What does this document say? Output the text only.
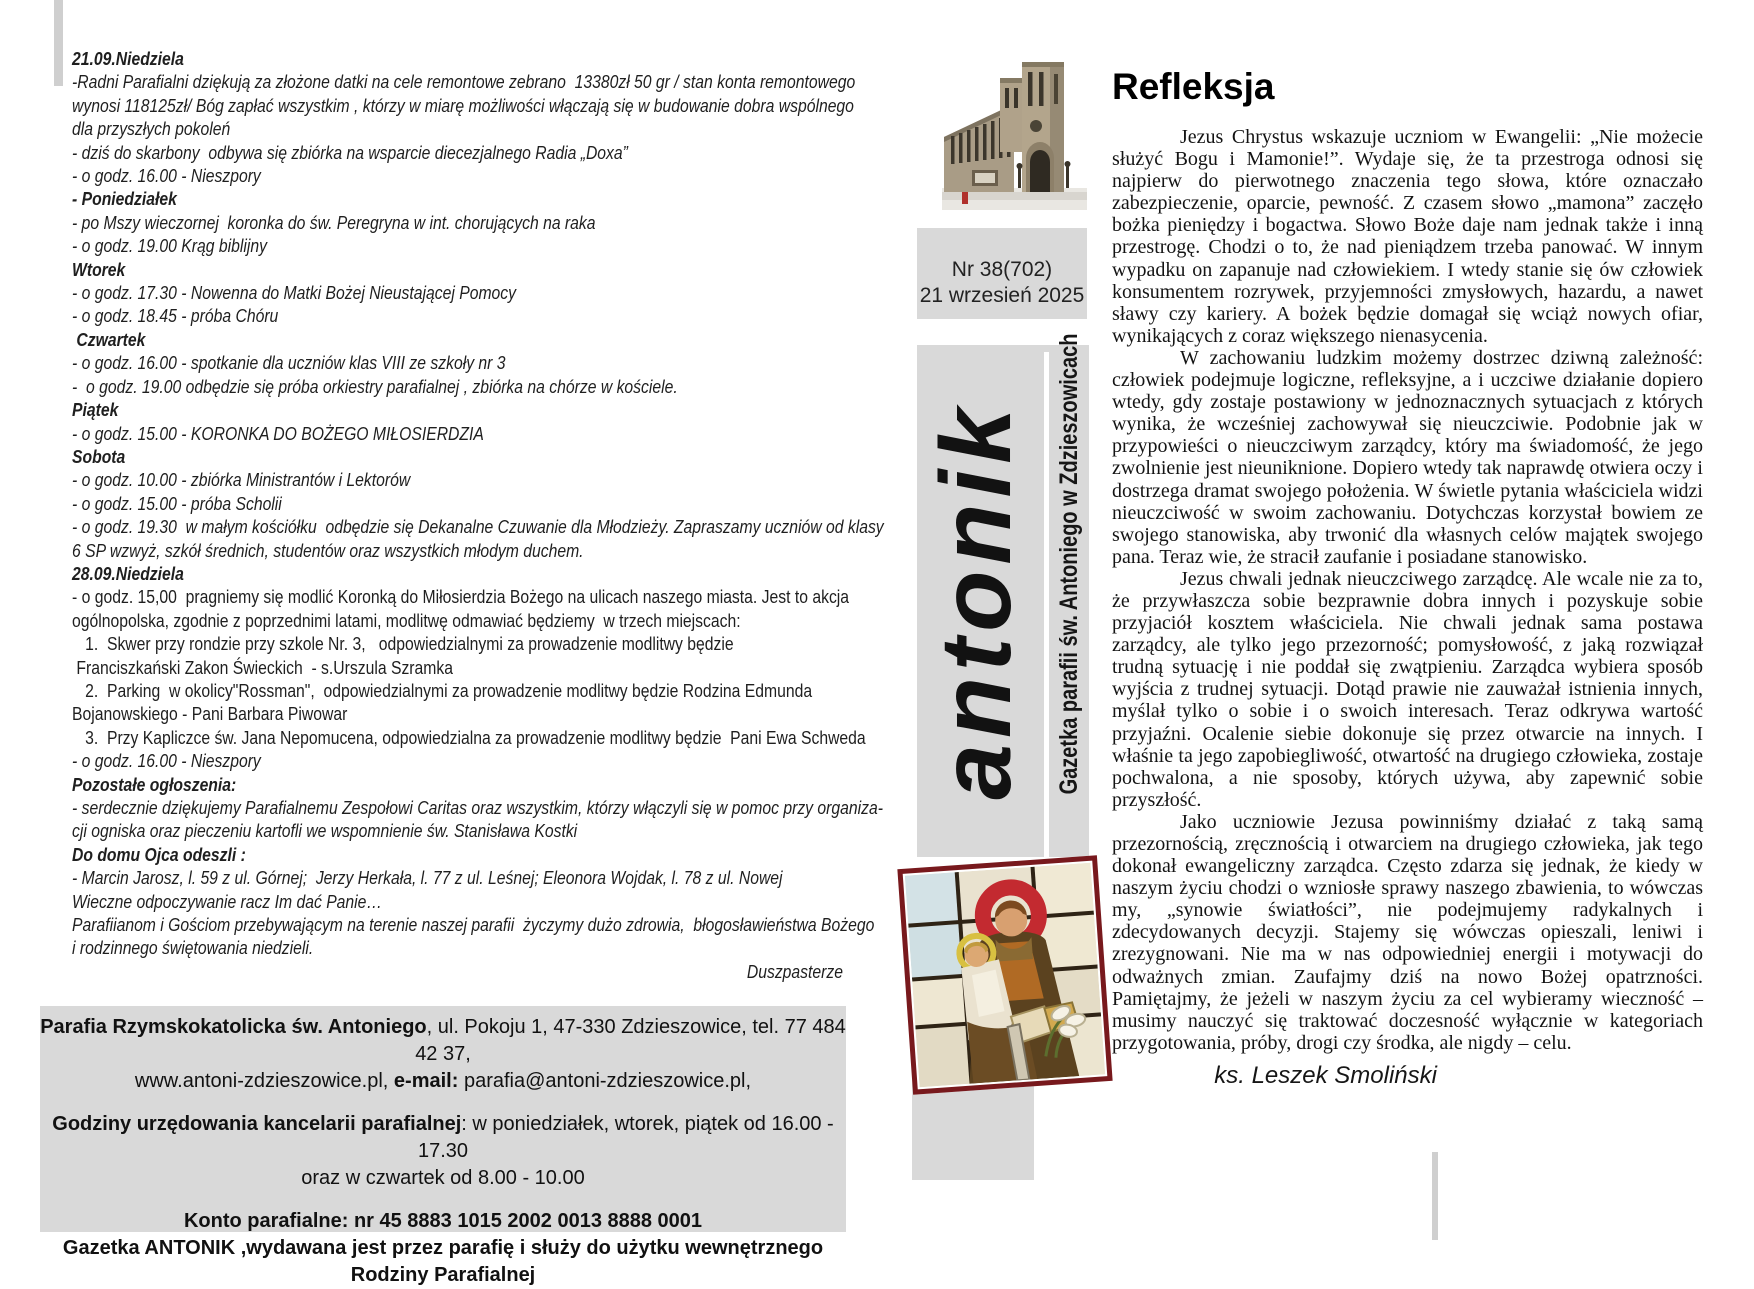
21.09.Niedziela
-Radni Parafialni dziękują za złożone datki na cele remontowe zebrano  13380zł 50 gr / stan konta remontowego
wynosi 118125zł/ Bóg zapłać wszystkim , którzy w miarę możliwości włączają się w budowanie dobra wspólnego
dla przyszłych pokoleń
- dziś do skarbony  odbywa się zbiórka na wsparcie diecezjalnego Radia „Doxa”
- o godz. 16.00 - Nieszpory
- Poniedziałek
- po Mszy wieczornej  koronka do św. Peregryna w int. chorujących na raka
- o godz. 19.00 Krąg biblijny
Wtorek
- o godz. 17.30 - Nowenna do Matki Bożej Nieustającej Pomocy
- o godz. 18.45 - próba Chóru
Czwartek
- o godz. 16.00 - spotkanie dla uczniów klas VIII ze szkoły nr 3
-  o godz. 19.00 odbędzie się próba orkiestry parafialnej , zbiórka na chórze w kościele.
Piątek
- o godz. 15.00 - KORONKA DO BOŻEGO MIŁOSIERDZIA
Sobota
- o godz. 10.00 - zbiórka Ministrantów i Lektorów
- o godz. 15.00 - próba Scholii
- o godz. 19.30  w małym kościółku  odbędzie się Dekanalne Czuwanie dla Młodzieży. Zapraszamy uczniów od klasy
6 SP wzwyż, szkół średnich, studentów oraz wszystkich młodym duchem.
28.09.Niedziela
- o godz. 15,00  pragniemy się modlić Koronką do Miłosierdzia Bożego na ulicach naszego miasta. Jest to akcja
ogólnopolska, zgodnie z poprzednimi latami, modlitwę odmawiać będziemy  w trzech miejscach:
1.  Skwer przy rondzie przy szkole Nr. 3,   odpowiedzialnymi za prowadzenie modlitwy będzie
Franciszkański Zakon Świeckich  - s.Urszula Szramka
2.  Parking  w okolicy"Rossman",  odpowiedzialnymi za prowadzenie modlitwy będzie Rodzina Edmunda
Bojanowskiego - Pani Barbara Piwowar
3.  Przy Kapliczce św. Jana Nepomucena, odpowiedzialna za prowadzenie modlitwy będzie  Pani Ewa Schweda
- o godz. 16.00 - Nieszpory
Pozostałe ogłoszenia:
- serdecznie dziękujemy Parafialnemu Zespołowi Caritas oraz wszystkim, którzy włączyli się w pomoc przy organiza-
cji ogniska oraz pieczeniu kartofli we wspomnienie św. Stanisława Kostki
Do domu Ojca odeszli :
- Marcin Jarosz, l. 59 z ul. Górnej;  Jerzy Herkała, l. 77 z ul. Leśnej; Eleonora Wojdak, l. 78 z ul. Nowej
Wieczne odpoczywanie racz Im dać Panie…
Parafiianom i Gościom przebywającym na terenie naszej parafii  życzymy dużo zdrowia,  błogosławieństwa Bożego
i rodzinnego świętowania niedzieli.
Duszpasterze
Parafia Rzymskokatolicka św. Antoniego, ul. Pokoju 1, 47-330 Zdzieszowice, tel. 77 484 42 37,
www.antoni-zdzieszowice.pl, e-mail: parafia@antoni-zdzieszowice.pl,
Godziny urzędowania kancelarii parafialnej: w poniedziałek, wtorek, piątek od 16.00 - 17.30
oraz w czwartek od 8.00 - 10.00
Konto parafialne: nr 45 8883 1015 2002 0013 8888 0001
Gazetka ANTONIK ,wydawana jest przez parafię i służy do użytku wewnętrznego
Rodziny Parafialnej
Nr 38(702)
21 wrzesień 2025
antonik Gazetka parafii św. Antoniego w Zdzieszowicach
Refleksja

Jezus Chrystus wskazuje uczniom w Ewangelii: „Nie możecie służyć Bogu i Mamonie!”. Wydaje się, że ta przestroga odnosi się najpierw do pierwotnego znaczenia tego słowa, które oznaczało zabezpieczenie, oparcie, pewność. Z czasem słowo „mamona” zaczęło bożka pieniędzy i bogactwa. Słowo Boże daje nam jednak także i inną przestrogę. Chodzi o to, że nad pieniądzem trzeba panować. W innym wypadku on zapanuje nad człowiekiem. I wtedy stanie się ów człowiek konsumentem rozrywek, przyjemności zmysłowych, hazardu, a nawet sławy czy kariery. A bożek będzie domagał się wciąż nowych ofiar, wynikających z coraz większego nienasycenia.

W zachowaniu ludzkim możemy dostrzec dziwną zależność: człowiek podejmuje logiczne, refleksyjne, a i uczciwe działanie dopiero wtedy, gdy zostaje postawiony w jednoznacznych sytuacjach z których wynika, że wcześniej zachowywał się nieuczciwie. Podobnie jak w przypowieści o nieuczciwym zarządcy, który ma świadomość, że jego zwolnienie jest nieuniknione. Dopiero wtedy tak naprawdę otwiera oczy i dostrzega dramat swojego położenia. W świetle pytania właściciela widzi nieuczciwość w swoim zachowaniu. Dotychczas korzystał bowiem ze swojego stanowiska, aby trwonić dla własnych celów majątek swojego pana. Teraz wie, że stracił zaufanie i posiadane stanowisko.

Jezus chwali jednak nieuczciwego zarządcę. Ale wcale nie za to, że przywłaszcza sobie bezprawnie dobra innych i pozyskuje sobie przyjaciół kosztem właściciela. Nie chwali jednak sama postawa zarządcy, ale tylko jego przezorność; pomysłowość, z jaką rozwiązał trudną sytuację i nie poddał się zwątpieniu. Zarządca wybiera sposób wyjścia z trudnej sytuacji. Dotąd prawie nie zauważał istnienia innych, myślał tylko o sobie i o swoich interesach. Teraz odkrywa wartość przyjaźni. Ocalenie siebie dokonuje się przez otwarcie na innych. I właśnie ta jego zapobiegliwość, otwartość na drugiego człowieka, zostaje pochwalona, a nie sposoby, których używa, aby zapewnić sobie przyszłość.

Jako uczniowie Jezusa powinniśmy działać z taką samą przezornością, zręcznością i otwarciem na drugiego człowieka, jak tego dokonał ewangeliczny zarządca. Często zdarza się jednak, że kiedy w naszym życiu chodzi o wzniosłe sprawy naszego zbawienia, to wówczas my, „synowie światłości”, nie podejmujemy radykalnych i zdecydowanych decyzji. Stajemy się wówczas opieszali, leniwi i zrezygnowani. Nie ma w nas odpowiedniej energii i motywacji do odważnych zmian. Zaufajmy dziś na nowo Bożej opatrzności. Pamiętajmy, że jeżeli w naszym życiu za cel wybieramy wieczność – musimy nauczyć się traktować doczesność wyłącznie w kategoriach przygotowania, próby, drogi czy środka, ale nigdy – celu.

ks. Leszek Smoliński
